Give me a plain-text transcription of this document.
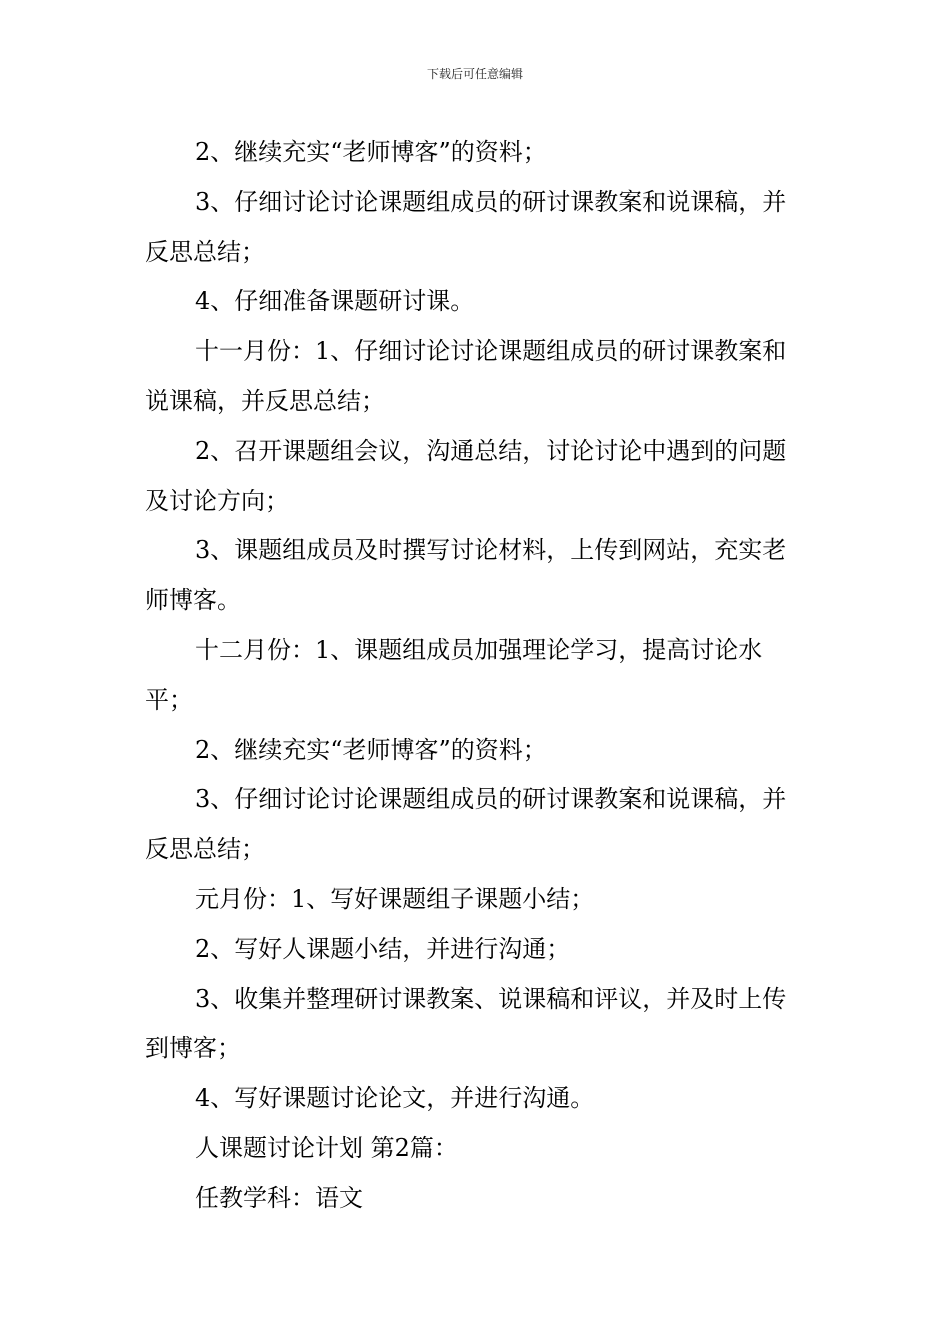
下载后可任意编辑

2、继续充实“老师博客”的资料；

3、仔细讨论讨论课题组成员的研讨课教案和说课稿，并反思总结；

4、仔细准备课题研讨课。

十一月份：1、仔细讨论讨论课题组成员的研讨课教案和说课稿，并反思总结；

2、召开课题组会议，沟通总结，讨论讨论中遇到的问题及讨论方向；

3、课题组成员及时撰写讨论材料，上传到网站，充实老师博客。

十二月份：1、课题组成员加强理论学习，提高讨论水平；

2、继续充实“老师博客”的资料；

3、仔细讨论讨论课题组成员的研讨课教案和说课稿，并反思总结；

元月份：1、写好课题组子课题小结；

2、写好人课题小结，并进行沟通；

3、收集并整理研讨课教案、说课稿和评议，并及时上传到博客；

4、写好课题讨论论文，并进行沟通。

人课题讨论计划 第2篇：

任教学科：语文
